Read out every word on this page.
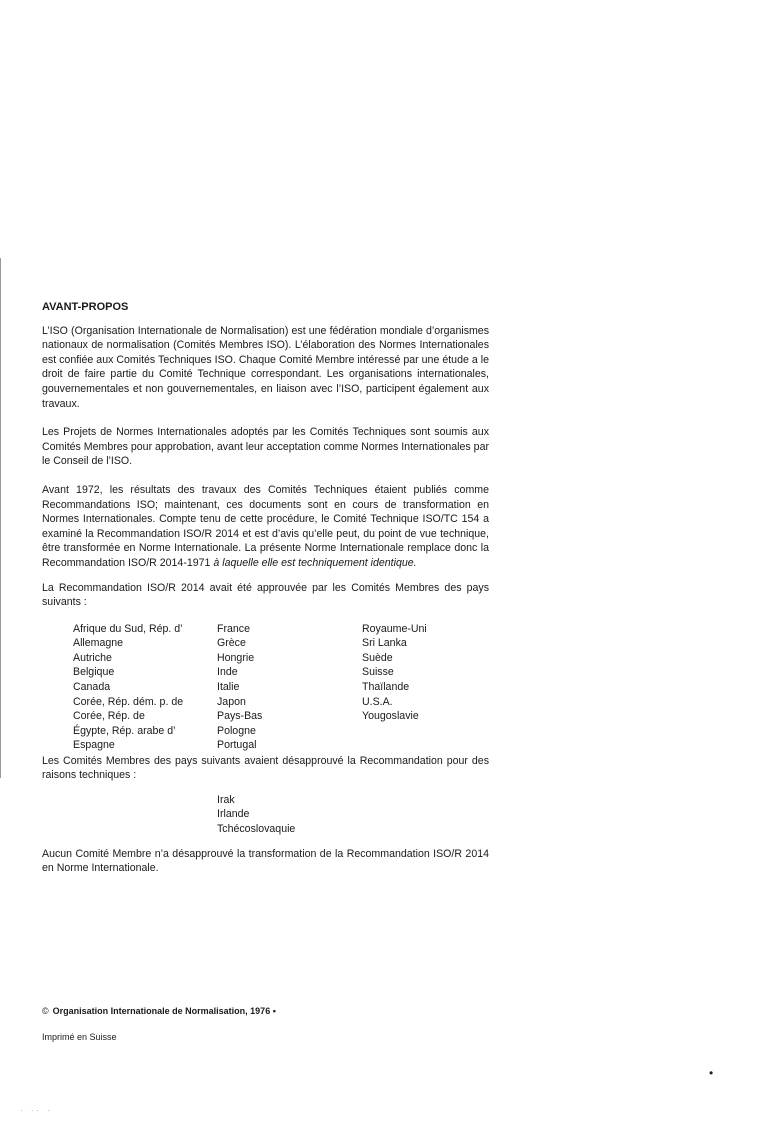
AVANT-PROPOS

L’ISO (Organisation Internationale de Normalisation) est une fédération mondiale d’organismes nationaux de normalisation (Comités Membres ISO). L’élaboration des Normes Internationales est confiée aux Comités Techniques ISO. Chaque Comité Membre intéressé par une étude a le droit de faire partie du Comité Technique correspondant. Les organisations internationales, gouvernementales et non gouvernementales, en liaison avec l’ISO, participent également aux travaux.

Les Projets de Normes Internationales adoptés par les Comités Techniques sont soumis aux Comités Membres pour approbation, avant leur acceptation comme Normes Internationales par le Conseil de l’ISO.

Avant 1972, les résultats des travaux des Comités Techniques étaient publiés comme Recommandations ISO; maintenant, ces documents sont en cours de transformation en Normes Internationales. Compte tenu de cette procédure, le Comité Technique ISO/TC 154 a examiné la Recommandation ISO/R 2014 et est d’avis qu’elle peut, du point de vue technique, être transformée en Norme Internationale. La présente Norme Internationale remplace donc la Recommandation ISO/R 2014-1971 à laquelle elle est techniquement identique.

La Recommandation ISO/R 2014 avait été approuvée par les Comités Membres des pays suivants :

Afrique du Sud, Rép. d’
Allemagne
Autriche
Belgique
Canada
Corée, Rép. dém. p. de
Corée, Rép. de
Égypte, Rép. arabe d’
Espagne
France
Grèce
Hongrie
Inde
Italie
Japon
Pays-Bas
Pologne
Portugal
Royaume-Uni
Sri Lanka
Suède
Suisse
Thaïlande
U.S.A.
Yougoslavie

Les Comités Membres des pays suivants avaient désapprouvé la Recommandation pour des raisons techniques :

Irak
Irlande
Tchécoslovaquie

Aucun Comité Membre n’a désapprouvé la transformation de la Recommandation ISO/R 2014 en Norme Internationale.

© Organisation Internationale de Normalisation, 1976 •
Imprimé en Suisse
•
· ·· ·
